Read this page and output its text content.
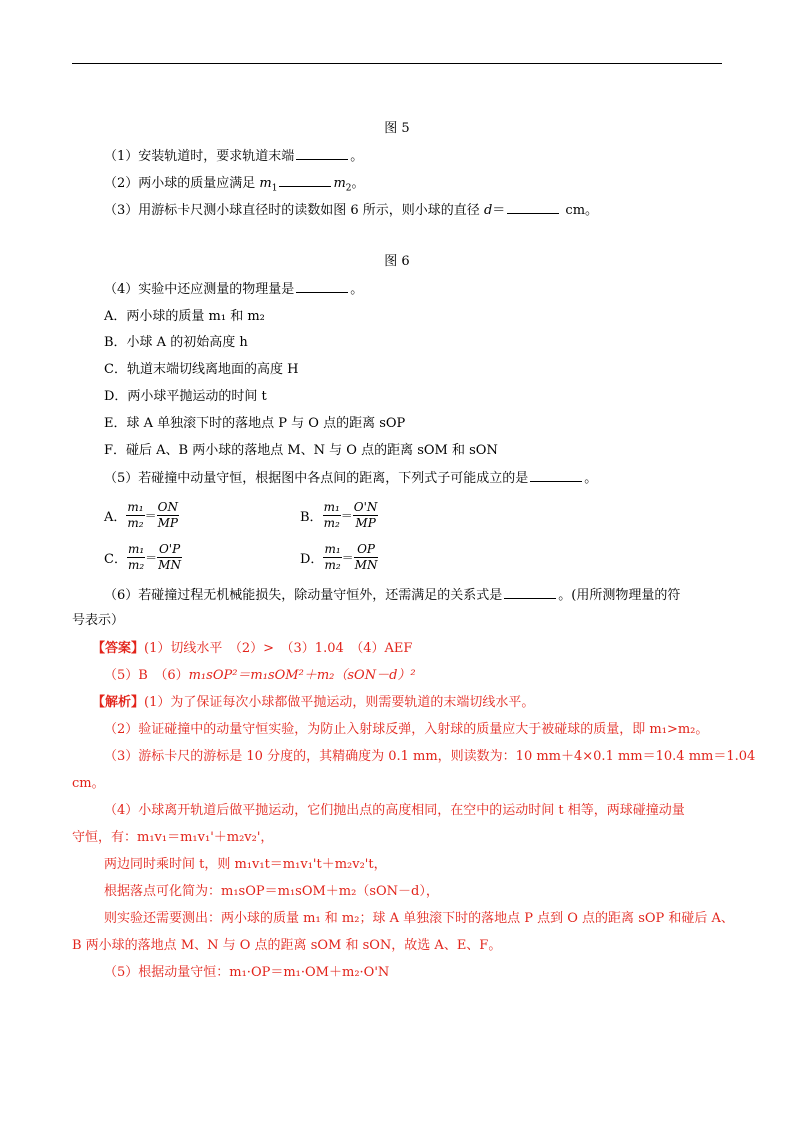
图 5
（1）安装轨道时，要求轨道末端	。
（2）两小球的质量应满足 $m_1$	$m_2$。
（3）用游标卡尺测小球直径时的读数如图 6 所示，则小球的直径 d＝	cm。
图 6
（4）实验中还应测量的物理量是	。
A．两小球的质量 m₁ 和 m₂
B．小球 A 的初始高度 h
C．轨道末端切线离地面的高度 H
D．两小球平抛运动的时间 t
E．球 A 单独滚下时的落地点 P 与 O 点的距离 sOP
F．碰后 A、B 两小球的落地点 M、N 与 O 点的距离 sOM 和 sON
（5）若碰撞中动量守恒，根据图中各点间的距离，下列式子可能成立的是	。
A． $\frac{\text{m₁}}{\text{m₂}} = \frac{ON}{MP}$	B． $\frac{\text{m₁}}{\text{m₂}} = \frac{O'N}{MP}$
C． $\frac{\text{m₁}}{\text{m₂}} = \frac{O'P}{MN}$	D． $\frac{\text{m₁}}{\text{m₂}} = \frac{OP}{MN}$
（6）若碰撞过程无机械能损失，除动量守恒外，还需满足的关系式是	。(用所测物理量的符
号表示）
【答案】(1）切线水平　（2）>　（3）1.04　（4）AEF
（5）B　（6）m₁sOP²＝m₁sOM²＋m₂（sON－d）²
【解析】(1）为了保证每次小球都做平抛运动，则需要轨道的末端切线水平。
（2）验证碰撞中的动量守恒实验，为防止入射球反弹，入射球的质量应大于被碰球的质量，即 m₁>m₂。
（3）游标卡尺的游标是 10 分度的，其精确度为 0.1 mm，则读数为：10 mm＋4×0.1 mm＝10.4 mm＝1.04
cm。
（4）小球离开轨道后做平抛运动，它们抛出点的高度相同，在空中的运动时间 t 相等，两球碰撞动量
守恒，有：m₁v₁＝m₁v₁'＋m₂v₂'，
两边同时乘时间 t，则 m₁v₁t＝m₁v₁'t＋m₂v₂'t，
根据落点可化简为：m₁sOP＝m₁sOM＋m₂（sON－d），
则实验还需要测出：两小球的质量 m₁ 和 m₂；球 A 单独滚下时的落地点 P 点到 O 点的距离 sOP 和碰后 A、
B 两小球的落地点 M、N 与 O 点的距离 sOM 和 sON，故选 A、E、F。
（5）根据动量守恒：m₁·OP＝m₁·OM＋m₂·O'N
